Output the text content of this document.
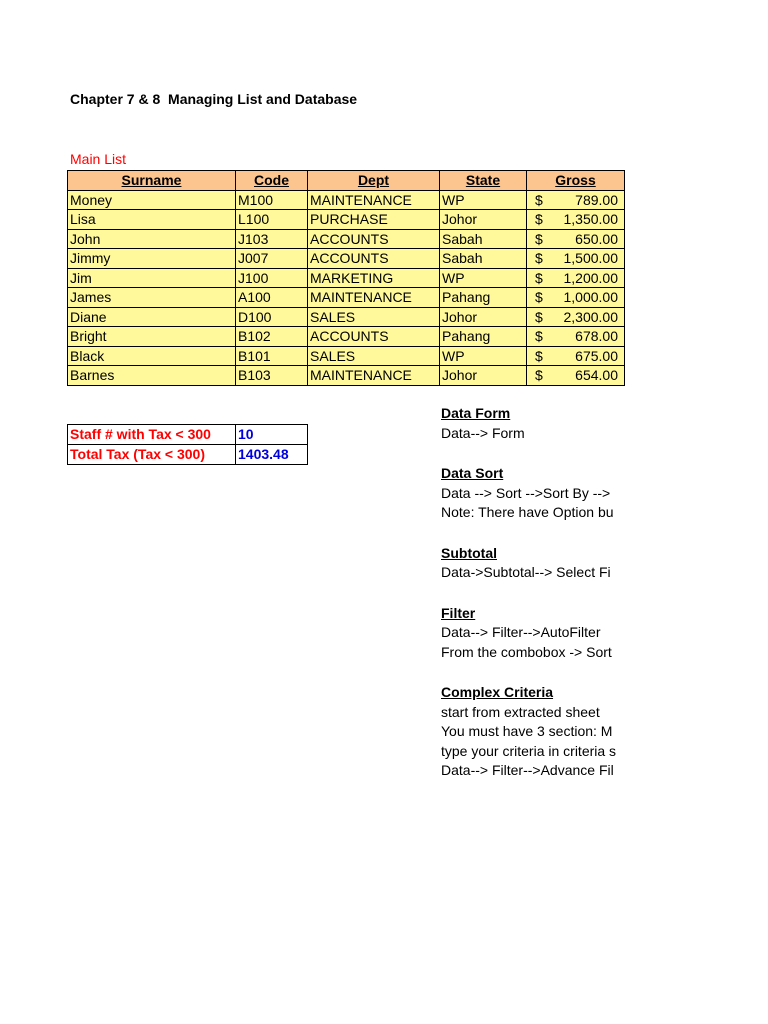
Chapter 7 & 8  Managing List and Database
Main List
Surname	Code	Dept	State	Gross
Money	M100	MAINTENANCE	WP	$ 789.00

Lisa	L100	PURCHASE	Johor	$ 1,350.00

John	J103	ACCOUNTS	Sabah	$ 650.00

Jimmy	J007	ACCOUNTS	Sabah	$ 1,500.00

Jim	J100	MARKETING	WP	$ 1,200.00

James	A100	MAINTENANCE	Pahang	$ 1,000.00

Diane	D100	SALES	Johor	$ 2,300.00

Bright	B102	ACCOUNTS	Pahang	$ 678.00

Black	B101	SALES	WP	$ 675.00

Barnes	B103	MAINTENANCE	Johor	$ 654.00
Staff # with Tax < 300	10
Total Tax (Tax < 300)	1403.48
Data Form
Data--> Form
Data Sort
Data --> Sort -->Sort By -->
Note: There have Option bu
Subtotal
Data->Subtotal--> Select Fi
Filter
Data--> Filter-->AutoFilter
From the combobox -> Sort
Complex Criteria
start from extracted sheet
You must have 3 section: M
type your criteria in criteria s
Data--> Filter-->Advance Fil
